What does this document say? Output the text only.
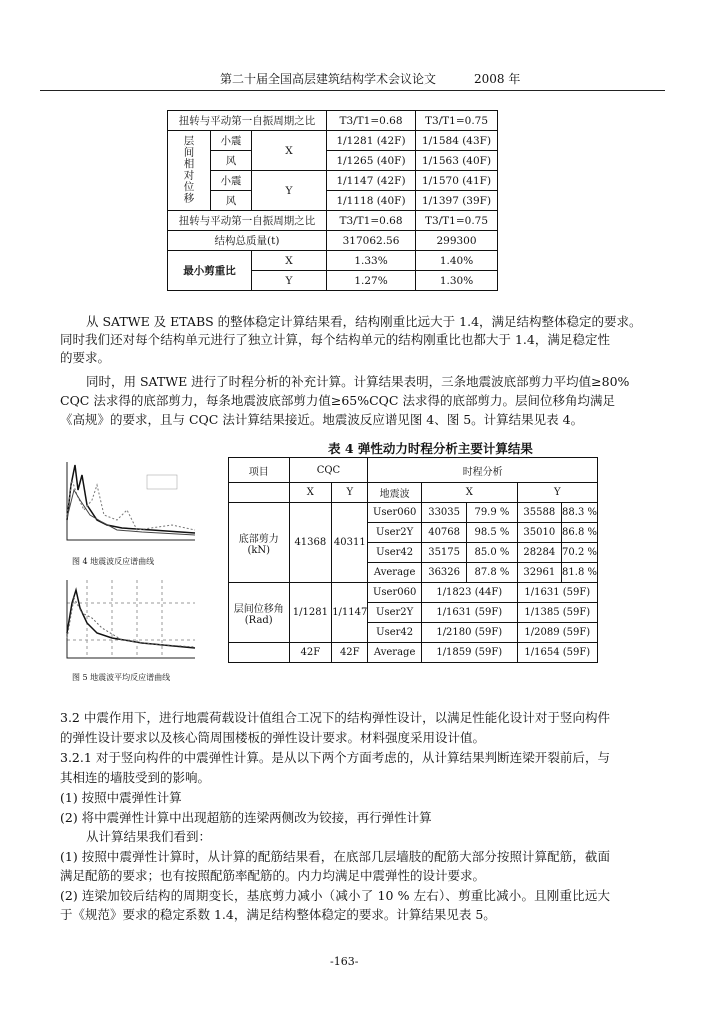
第二十届全国高层建筑结构学术会议论文	2008 年
扭转与平动第一自振周期之比			T3/T1=0.68	T3/T1=0.75
层间相对位移	小震	X	1/1281 (42F)	1/1584 (43F)
	风		1/1265 (40F)	1/1563 (40F)
	小震	Y	1/1147 (42F)	1/1570 (41F)
	风		1/1118 (40F)	1/1397 (39F)
扭转与平动第一自振周期之比			T3/T1=0.68	T3/T1=0.75
结构总质量(t)			317062.56	299300
最小剪重比		X	1.33%	1.40%
		Y	1.27%	1.30%
从 SATWE 及 ETABS 的整体稳定计算结果看，结构刚重比远大于 1.4，满足结构整体稳定的要求。
同时我们还对每个结构单元进行了独立计算，每个结构单元的结构刚重比也都大于 1.4，满足稳定性
的要求。
同时，用 SATWE 进行了时程分析的补充计算。计算结果表明，三条地震波底部剪力平均值≥80%
CQC 法求得的底部剪力，每条地震波底部剪力值≥65%CQC 法求得的底部剪力。层间位移角均满足
《高规》的要求，且与 CQC 法计算结果接近。地震波反应谱见图 4、图 5。计算结果见表 4。
表 4 弹性动力时程分析主要计算结果
项目	CQC		时程分析				
	X	Y	地震波	X		Y	

底部剪力
(kN)	41368	40311	User060	33035	79.9 %	35588	88.3 %
			User2Y	40768	98.5 %	35010	86.8 %
			User42	35175	85.0 %	28284	70.2 %
			Average	36326	87.8 %	32961	81.8 %

层间位移角
(Rad)	1/1281	1/1147	User060	1/1823 (44F)		1/1631 (59F)	
			User2Y	1/1631 (59F)		1/1385 (59F)	
			User42	1/2180 (59F)		1/2089 (59F)	
	42F	42F	Average	1/1859 (59F)		1/1654 (59F)	
图 4 地震波反应谱曲线
图 5 地震波平均反应谱曲线
3.2 中震作用下，进行地震荷载设计值组合工况下的结构弹性设计，以满足性能化设计对于竖向构件
的弹性设计要求以及核心筒周围楼板的弹性设计要求。材料强度采用设计值。
3.2.1 对于竖向构件的中震弹性计算。是从以下两个方面考虑的，从计算结果判断连梁开裂前后，与
其相连的墙肢受到的影响。
(1) 按照中震弹性计算
(2) 将中震弹性计算中出现超筋的连梁两侧改为铰接，再行弹性计算
从计算结果我们看到：
(1) 按照中震弹性计算时，从计算的配筋结果看，在底部几层墙肢的配筋大部分按照计算配筋，截面
满足配筋的要求；也有按照配筋率配筋的。内力均满足中震弹性的设计要求。
(2) 连梁加铰后结构的周期变长，基底剪力减小（减小了 10 % 左右）、剪重比减小。且刚重比远大
于《规范》要求的稳定系数 1.4，满足结构整体稳定的要求。计算结果见表 5。
-163-
